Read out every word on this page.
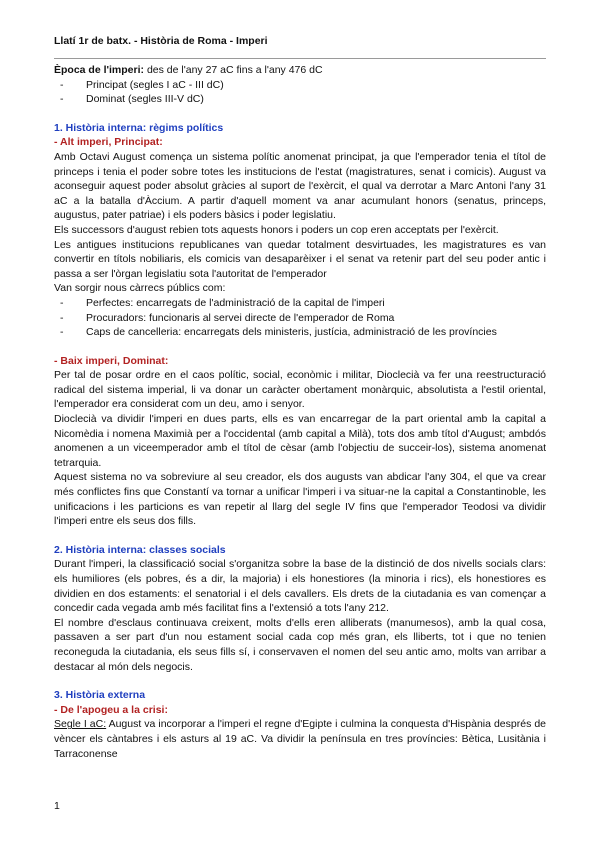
Llatí 1r de batx. - Història de Roma - Imperi

Època de l'imperi: des de l'any 27 aC fins a l'any 476 dC

- Principat (segles I aC - III dC)
- Dominat (segles III-V dC)

1. Història interna: règims polítics

- Alt imperi, Principat:

Amb Octavi August comença un sistema polític anomenat principat, ja que l'emperador tenia el títol de princeps i tenia el poder sobre totes les institucions de l'estat (magistratures, senat i comicis). August va aconseguir aquest poder absolut gràcies al suport de l'exèrcit, el qual va derrotar a Marc Antoni l'any 31 aC a la batalla d'Àccium. A partir d'aquell moment va anar acumulant honors (senatus, princeps, augustus, pater patriae) i els poders bàsics i poder legislatiu.

Els successors d'august rebien tots aquests honors i poders un cop eren acceptats per l'exèrcit.

Les antigues institucions republicanes van quedar totalment desvirtuades, les magistratures es van convertir en títols nobiliaris, els comicis van desaparèixer i el senat va retenir part del seu poder antic i passa a ser l'òrgan legislatiu sota l'autoritat de l'emperador

Van sorgir nous càrrecs públics com:

- Perfectes: encarregats de l'administració de la capital de l'imperi
- Procuradors: funcionaris al servei directe de l'emperador de Roma
- Caps de cancelleria: encarregats dels ministeris, justícia, administració de les províncies

- Baix imperi, Dominat:

Per tal de posar ordre en el caos polític, social, econòmic i militar, Dioclecià va fer una reestructuració radical del sistema imperial, li va donar un caràcter obertament monàrquic, absolutista a l'estil oriental, l'emperador era considerat com un deu, amo i senyor.

Dioclecià va dividir l'imperi en dues parts, ells es van encarregar de la part oriental amb la capital a Nicomèdia i nomena Maximià per a l'occidental (amb capital a Milà), tots dos amb títol d'August; ambdós anomenen a un viceemperador amb el títol de cèsar (amb l'objectiu de succeir-los), sistema anomenat tetrarquia.

Aquest sistema no va sobreviure al seu creador, els dos augusts van abdicar l'any 304, el que va crear més conflictes fins que Constantí va tornar a unificar l'imperi i va situar-ne la capital a Constantinoble, les unificacions i les particions es van repetir al llarg del segle IV fins que l'emperador Teodosi va dividir l'imperi entre els seus dos fills.

2. Història interna: classes socials

Durant l'imperi, la classificació social s'organitza sobre la base de la distinció de dos nivells socials clars: els humiliores (els pobres, és a dir, la majoria) i els honestiores (la minoria i rics), els honestiores es dividien en dos estaments: el senatorial i el dels cavallers. Els drets de la ciutadania es van començar a concedir cada vegada amb més facilitat fins a l'extensió a tots l'any 212.

El nombre d'esclaus continuava creixent, molts d'ells eren alliberats (manumesos), amb la qual cosa, passaven a ser part d'un nou estament social cada cop més gran, els lliberts, tot i que no tenien reconeguda la ciutadania, els seus fills sí, i conservaven el nomen del seu antic amo, molts van arribar a destacar al món dels negocis.

3. Història externa

- De l'apogeu a la crisi:

Segle I aC: August va incorporar a l'imperi el regne d'Egipte i culmina la conquesta d'Hispània després de vèncer els càntabres i els asturs al 19 aC. Va dividir la península en tres províncies: Bètica, Lusitània i Tarraconense

1
